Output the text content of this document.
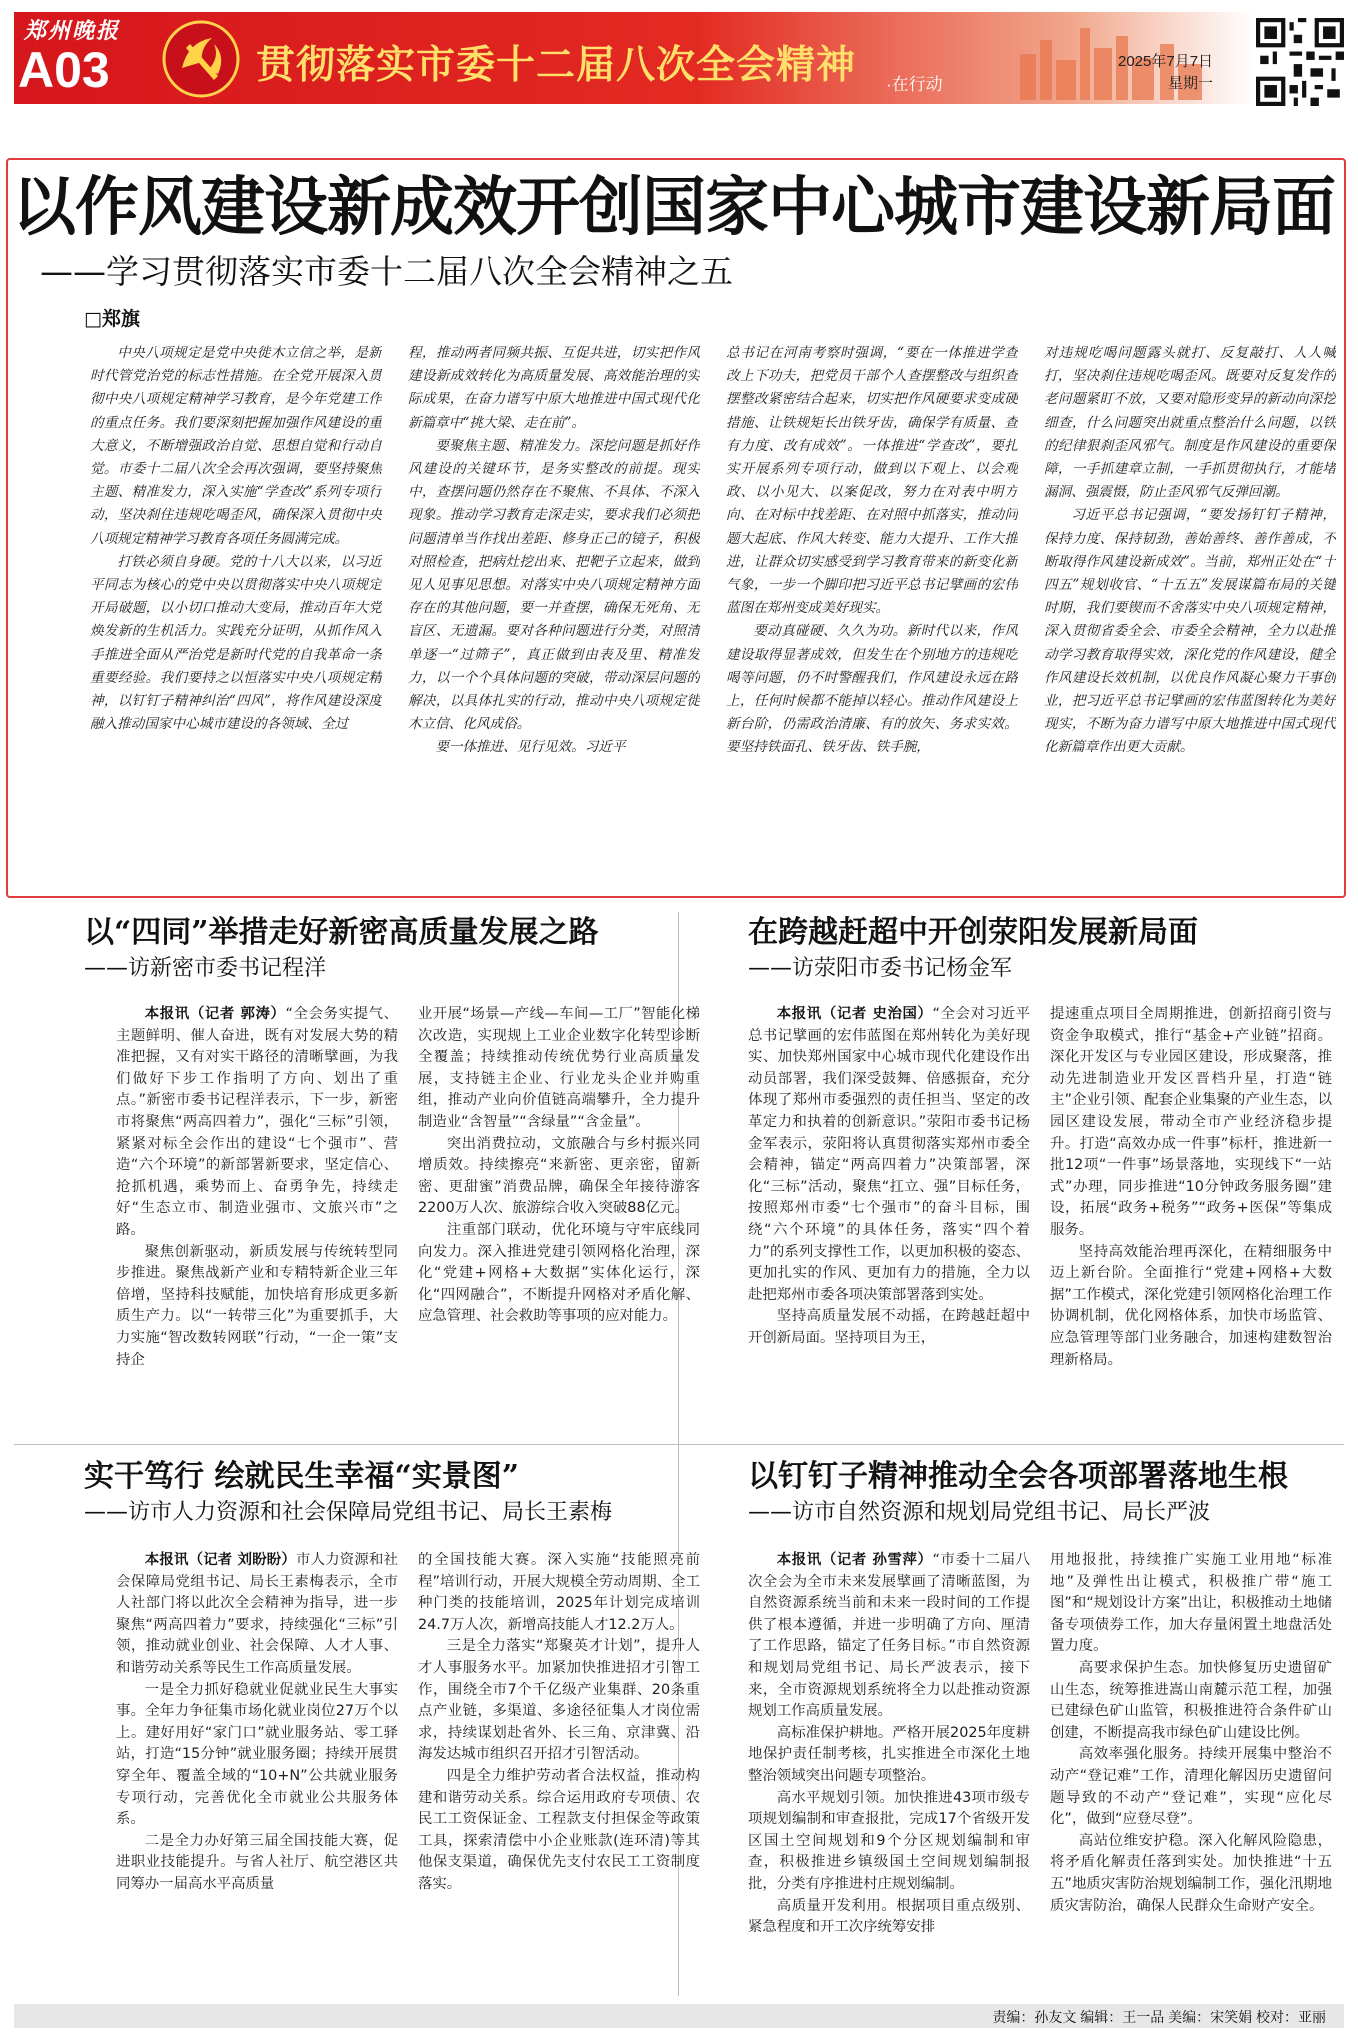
郑州晚报
A03	贯彻落实市委十二届八次全会精神 ·在行动
2025年7月7日
星期一
以作风建设新成效开创国家中心城市建设新局面
——学习贯彻落实市委十二届八次全会精神之五
□郑旗

中央八项规定是党中央徙木立信之举，是新时代管党治党的标志性措施。在全党开展深入贯彻中央八项规定精神学习教育，是今年党建工作的重点任务。我们要深刻把握加强作风建设的重大意义，不断增强政治自觉、思想自觉和行动自觉。市委十二届八次全会再次强调，要坚持聚焦主题、精准发力，深入实施“学查改”系列专项行动，坚决刹住违规吃喝歪风，确保深入贯彻中央八项规定精神学习教育各项任务圆满完成。

打铁必须自身硬。党的十八大以来，以习近平同志为核心的党中央以贯彻落实中央八项规定开局破题，以小切口推动大变局，推动百年大党焕发新的生机活力。实践充分证明，从抓作风入手推进全面从严治党是新时代党的自我革命一条重要经验。我们要持之以恒落实中央八项规定精神，以钉钉子精神纠治“四风”，将作风建设深度融入推动国家中心城市建设的各领域、全过

程，推动两者同频共振、互促共进，切实把作风建设新成效转化为高质量发展、高效能治理的实际成果，在奋力谱写中原大地推进中国式现代化新篇章中“挑大梁、走在前”。

要聚焦主题、精准发力。深挖问题是抓好作风建设的关键环节，是务实整改的前提。现实中，查摆问题仍然存在不聚焦、不具体、不深入现象。推动学习教育走深走实，要求我们必须把问题清单当作找出差距、修身正己的镜子，积极对照检查，把病灶挖出来、把靶子立起来，做到见人见事见思想。对落实中央八项规定精神方面存在的其他问题，要一并查摆，确保无死角、无盲区、无遗漏。要对各种问题进行分类，对照清单逐一“过筛子”，真正做到由表及里、精准发力，以一个个具体问题的突破，带动深层问题的解决，以具体扎实的行动，推动中央八项规定徙木立信、化风成俗。

要一体推进、见行见效。习近平

总书记在河南考察时强调，“要在一体推进学查改上下功夫，把党员干部个人查摆整改与组织查摆整改紧密结合起来，切实把作风硬要求变成硬措施、让铁规矩长出铁牙齿，确保学有质量、查有力度、改有成效”。一体推进“学查改”，要扎实开展系列专项行动，做到以下观上、以会观政、以小见大、以案促改，努力在对表中明方向、在对标中找差距、在对照中抓落实，推动问题大起底、作风大转变、能力大提升、工作大推进，让群众切实感受到学习教育带来的新变化新气象，一步一个脚印把习近平总书记擘画的宏伟蓝图在郑州变成美好现实。

要动真碰硬、久久为功。新时代以来，作风建设取得显著成效，但发生在个别地方的违规吃喝等问题，仍不时警醒我们，作风建设永远在路上，任何时候都不能掉以轻心。推动作风建设上新台阶，仍需政治清廉、有的放矢、务求实效。要坚持铁面孔、铁牙齿、铁手腕，

对违规吃喝问题露头就打、反复敲打、人人喊打，坚决刹住违规吃喝歪风。既要对反复发作的老问题紧盯不放，又要对隐形变异的新动向深挖细查，什么问题突出就重点整治什么问题，以铁的纪律狠刹歪风邪气。制度是作风建设的重要保障，一手抓建章立制，一手抓贯彻执行，才能堵漏洞、强震慑，防止歪风邪气反弹回潮。

习近平总书记强调，“要发扬钉钉子精神，保持力度、保持韧劲，善始善终、善作善成，不断取得作风建设新成效”。当前，郑州正处在“十四五”规划收官、“十五五”发展谋篇布局的关键时期，我们要锲而不舍落实中央八项规定精神，深入贯彻省委全会、市委全会精神，全力以赴推动学习教育取得实效，深化党的作风建设，健全作风建设长效机制，以优良作风凝心聚力干事创业，把习近平总书记擘画的宏伟蓝图转化为美好现实，不断为奋力谱写中原大地推进中国式现代化新篇章作出更大贡献。

以“四同”举措走好新密高质量发展之路
——访新密市委书记程洋

本报讯（记者 郭涛）“全会务实提气、主题鲜明、催人奋进，既有对发展大势的精准把握，又有对实干路径的清晰擘画，为我们做好下步工作指明了方向、划出了重点。”新密市委书记程洋表示，下一步，新密市将聚焦“两高四着力”，强化“三标”引领，紧紧对标全会作出的建设“七个强市”、营造“六个环境”的新部署新要求，坚定信心、抢抓机遇，乘势而上、奋勇争先，持续走好“生态立市、制造业强市、文旅兴市”之路。

聚焦创新驱动，新质发展与传统转型同步推进。聚焦战新产业和专精特新企业三年倍增，坚持科技赋能，加快培育形成更多新质生产力。以“一转带三化”为重要抓手，大力实施“智改数转网联”行动，“一企一策”支持企

业开展“场景—产线—车间—工厂”智能化梯次改造，实现规上工业企业数字化转型诊断全覆盖；持续推动传统优势行业高质量发展，支持链主企业、行业龙头企业并购重组，推动产业向价值链高端攀升，全力提升制造业“含智量”“含绿量”“含金量”。

突出消费拉动，文旅融合与乡村振兴同增质效。持续擦亮“来新密、更亲密，留新密、更甜蜜”消费品牌，确保全年接待游客2200万人次、旅游综合收入突破88亿元。

注重部门联动，优化环境与守牢底线同向发力。深入推进党建引领网格化治理，深化“党建+网格+大数据”实体化运行，深化“四网融合”，不断提升网格对矛盾化解、应急管理、社会救助等事项的应对能力。

在跨越赶超中开创荥阳发展新局面
——访荥阳市委书记杨金军

本报讯（记者 史治国）“全会对习近平总书记擘画的宏伟蓝图在郑州转化为美好现实、加快郑州国家中心城市现代化建设作出动员部署，我们深受鼓舞、倍感振奋，充分体现了郑州市委强烈的责任担当、坚定的改革定力和执着的创新意识。”荥阳市委书记杨金军表示，荥阳将认真贯彻落实郑州市委全会精神，锚定“两高四着力”决策部署，深化“三标”活动，聚焦“扛立、强”目标任务，按照郑州市委“七个强市”的奋斗目标，围绕“六个环境”的具体任务，落实“四个着力”的系列支撑性工作，以更加积极的姿态、更加扎实的作风、更加有力的措施，全力以赴把郑州市委各项决策部署落到实处。

坚持高质量发展不动摇，在跨越赶超中开创新局面。坚持项目为王，

提速重点项目全周期推进，创新招商引资与资金争取模式，推行“基金+产业链”招商。深化开发区与专业园区建设，形成聚落，推动先进制造业开发区晋档升星，打造“链主”企业引领、配套企业集聚的产业生态，以园区建设发展，带动全市产业经济稳步提升。打造“高效办成一件事”标杆，推进新一批12项“一件事”场景落地，实现线下“一站式”办理，同步推进“10分钟政务服务圈”建设，拓展“政务+税务”“政务+医保”等集成服务。

坚持高效能治理再深化，在精细服务中迈上新台阶。全面推行“党建+网格+大数据”工作模式，深化党建引领网格化治理工作协调机制，优化网格体系，加快市场监管、应急管理等部门业务融合，加速构建数智治理新格局。

实干笃行 绘就民生幸福“实景图”
——访市人力资源和社会保障局党组书记、局长王素梅

本报讯（记者 刘盼盼）市人力资源和社会保障局党组书记、局长王素梅表示，全市人社部门将以此次全会精神为指导，进一步聚焦“两高四着力”要求，持续强化“三标”引领，推动就业创业、社会保障、人才人事、和谐劳动关系等民生工作高质量发展。

一是全力抓好稳就业促就业民生大事实事。全年力争征集市场化就业岗位27万个以上。建好用好“家门口”就业服务站、零工驿站，打造“15分钟”就业服务圈；持续开展贯穿全年、覆盖全域的“10+N”公共就业服务专项行动，完善优化全市就业公共服务体系。

二是全力办好第三届全国技能大赛，促进职业技能提升。与省人社厅、航空港区共同筹办一届高水平高质量

的全国技能大赛。深入实施“技能照亮前程”培训行动，开展大规模全劳动周期、全工种门类的技能培训，2025年计划完成培训24.7万人次，新增高技能人才12.2万人。

三是全力落实“郑聚英才计划”，提升人才人事服务水平。加紧加快推进招才引智工作，围绕全市7个千亿级产业集群、20条重点产业链，多渠道、多途径征集人才岗位需求，持续谋划赴省外、长三角、京津冀、沿海发达城市组织召开招才引智活动。

四是全力维护劳动者合法权益，推动构建和谐劳动关系。综合运用政府专项债、农民工工资保证金、工程款支付担保金等政策工具，探索清偿中小企业账款(连环清)等其他保支渠道，确保优先支付农民工工资制度落实。

以钉钉子精神推动全会各项部署落地生根
——访市自然资源和规划局党组书记、局长严波

本报讯（记者 孙雪萍）“市委十二届八次全会为全市未来发展擘画了清晰蓝图，为自然资源系统当前和未来一段时间的工作提供了根本遵循，并进一步明确了方向、厘清了工作思路，锚定了任务目标。”市自然资源和规划局党组书记、局长严波表示，接下来，全市资源规划系统将全力以赴推动资源规划工作高质量发展。

高标准保护耕地。严格开展2025年度耕地保护责任制考核，扎实推进全市深化土地整治领域突出问题专项整治。

高水平规划引领。加快推进43项市级专项规划编制和审查报批，完成17个省级开发区国土空间规划和9个分区规划编制和审查，积极推进乡镇级国土空间规划编制报批，分类有序推进村庄规划编制。

高质量开发利用。根据项目重点级别、紧急程度和开工次序统筹安排

用地报批，持续推广实施工业用地“标准地”及弹性出让模式，积极推广带“施工图”和“规划设计方案”出让，积极推动土地储备专项债券工作，加大存量闲置土地盘活处置力度。

高要求保护生态。加快修复历史遗留矿山生态，统筹推进嵩山南麓示范工程，加强已建绿色矿山监管，积极推进符合条件矿山创建，不断提高我市绿色矿山建设比例。

高效率强化服务。持续开展集中整治不动产“登记难”工作，清理化解因历史遗留问题导致的不动产“登记难”，实现“应化尽化”，做到“应登尽登”。

高站位维安护稳。深入化解风险隐患，将矛盾化解责任落到实处。加快推进“十五五”地质灾害防治规划编制工作，强化汛期地质灾害防治，确保人民群众生命财产安全。

责编：孙友文 编辑：王一品 美编：宋笑娟 校对：亚丽
